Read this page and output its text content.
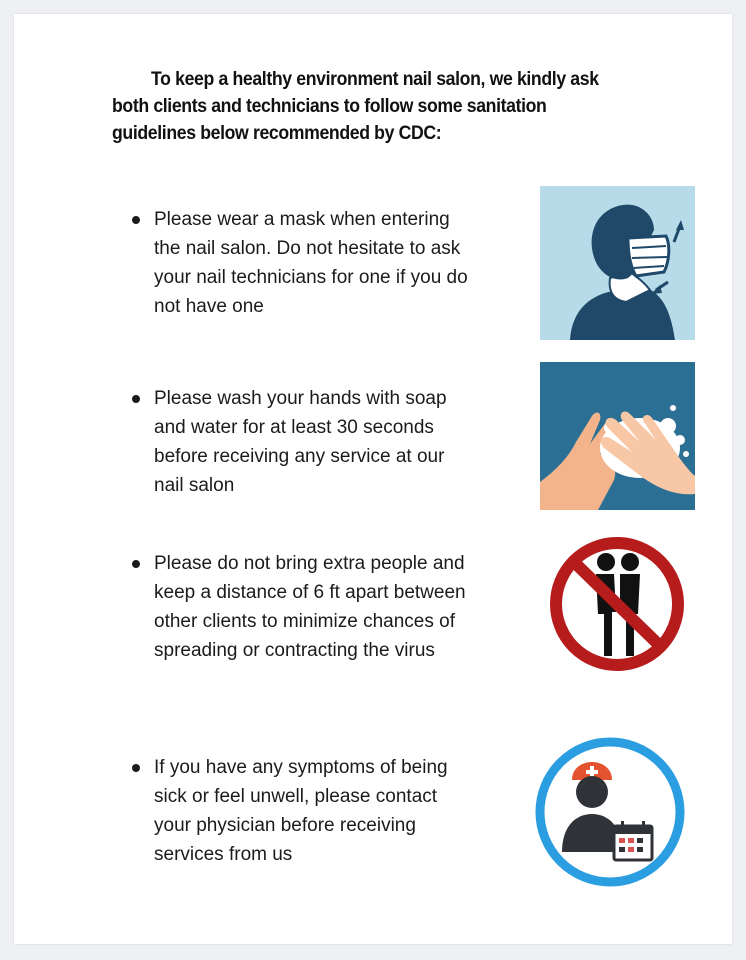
To keep a healthy environment nail salon, we kindly ask
both clients and technicians to follow some sanitation
guidelines below recommended by CDC:
Please wear a mask when entering the nail salon. Do not hesitate to ask your nail technicians for one if you do not have one
Please wash your hands with soap and water for at least 30 seconds before receiving any service at our nail salon
Please do not bring extra people and keep a distance of 6 ft apart between other clients to minimize chances of spreading or contracting the virus
If you have any symptoms of being sick or feel unwell, please contact your physician before receiving services from us
